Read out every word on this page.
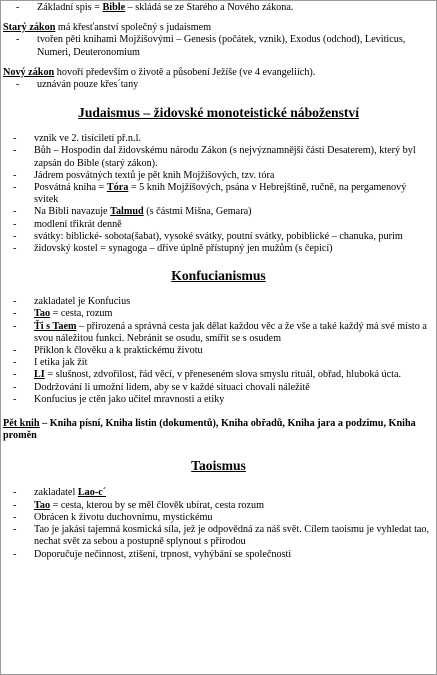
- Základní spis = Bible – skládá se ze Starého a Nového zákona.

Starý zákon má křesťanství společný s judaismem

- tvořen pěti knihami Mojžíšovými – Genesis (počátek, vznik), Exodus (odchod), Leviticus, Numeri, Deuteronomium

Nový zákon hovoří především o životě a působení Ježíše (ve 4 evangeliích).

- uznáván pouze křes´tany
Judaismus – židovské monoteistické náboženství
- vznik ve 2. tisíciletí př.n.l.
- Bůh – Hospodin dal židovskému národu Zákon (s nejvýznamnější částí Desaterem), který byl zapsán do Bible (starý zákon).
- Jádrem posvátných textů je pět knih Mojžíšových, tzv. tóra
- Posvátná kniha = Tóra = 5 knih Mojžíšových, psána v Hebrejštině, ručně, na pergamenový svitek
- Na Bibli navazuje Talmud (s částmi Mišna, Gemara)
- modlení třikrát denně
- svátky: biblické- sobota(šabat), vysoké svátky, poutní svátky, pobiblické – chanuka, purim
- židovský kostel = synagoga – dříve úplně přístupný jen mužům (s čepicí)
Konfucianismus
- zakladatel je Konfucius
- Tao = cesta, rozum
- Ťi s Taem – přirozená a správná cesta jak dělat každou věc a že vše a také každý má své místo a svou náležitou funkci. Nebránit se osudu, smířit se s osudem
- Příklon k člověku a k praktickému životu
- I etika jak žít
- LI = slušnost, zdvořilost, řád věcí, v přeneseném slova smyslu rituál, obřad, hluboká úcta.
- Dodržování li umožní lidem, aby se v každé situaci chovali náležitě
- Konfucius je ctěn jako učitel mravnosti a etiky

Pět knih – Kniha písní, Kniha listin (dokumentů), Kniha obřadů, Kniha jara a podzimu, Kniha proměn

Taoismus
- zakladatel Lao-c´
- Tao = cesta, kterou by se měl člověk ubírat, cesta rozum
- Obrácen k životu duchovnímu, mystickému
- Tao je jakási tajemná kosmická síla, jež je odpovědná za náš svět. Cílem taoismu je vyhledat tao, nechat svět za sebou a postupně splynout s přírodou
- Doporučuje nečinnost, ztišení, trpnost, vyhýbání se společnosti
